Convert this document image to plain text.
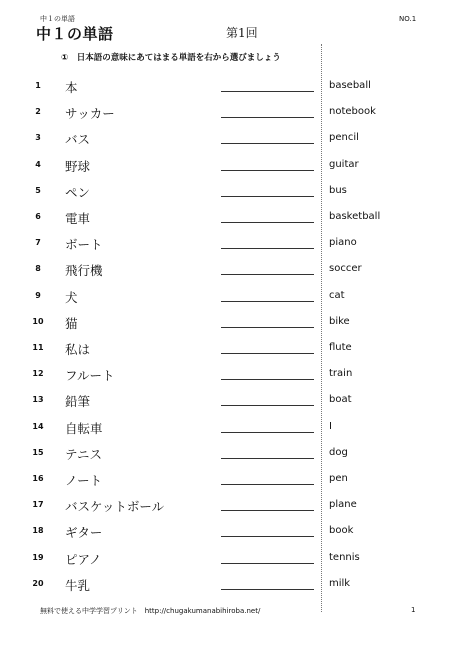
中１の単語
中１の単語	第1回
NO.1
①　日本語の意味にあてはまる単語を右から選びましょう
1	本	baseball
2	サッカー	notebook
3	バス	pencil
4	野球	guitar
5	ペン	bus
6	電車	basketball
7	ボート	piano
8	飛行機	soccer
9	犬	cat
10	猫	bike
11	私は	flute
12	フルート	train
13	鉛筆	boat
14	自転車	I
15	テニス	dog
16	ノート	pen
17	バスケットボール	plane
18	ギター	book
19	ピアノ	tennis
20	牛乳	milk
無料で使える中学学習プリント　http://chugakumanabihiroba.net/	1
